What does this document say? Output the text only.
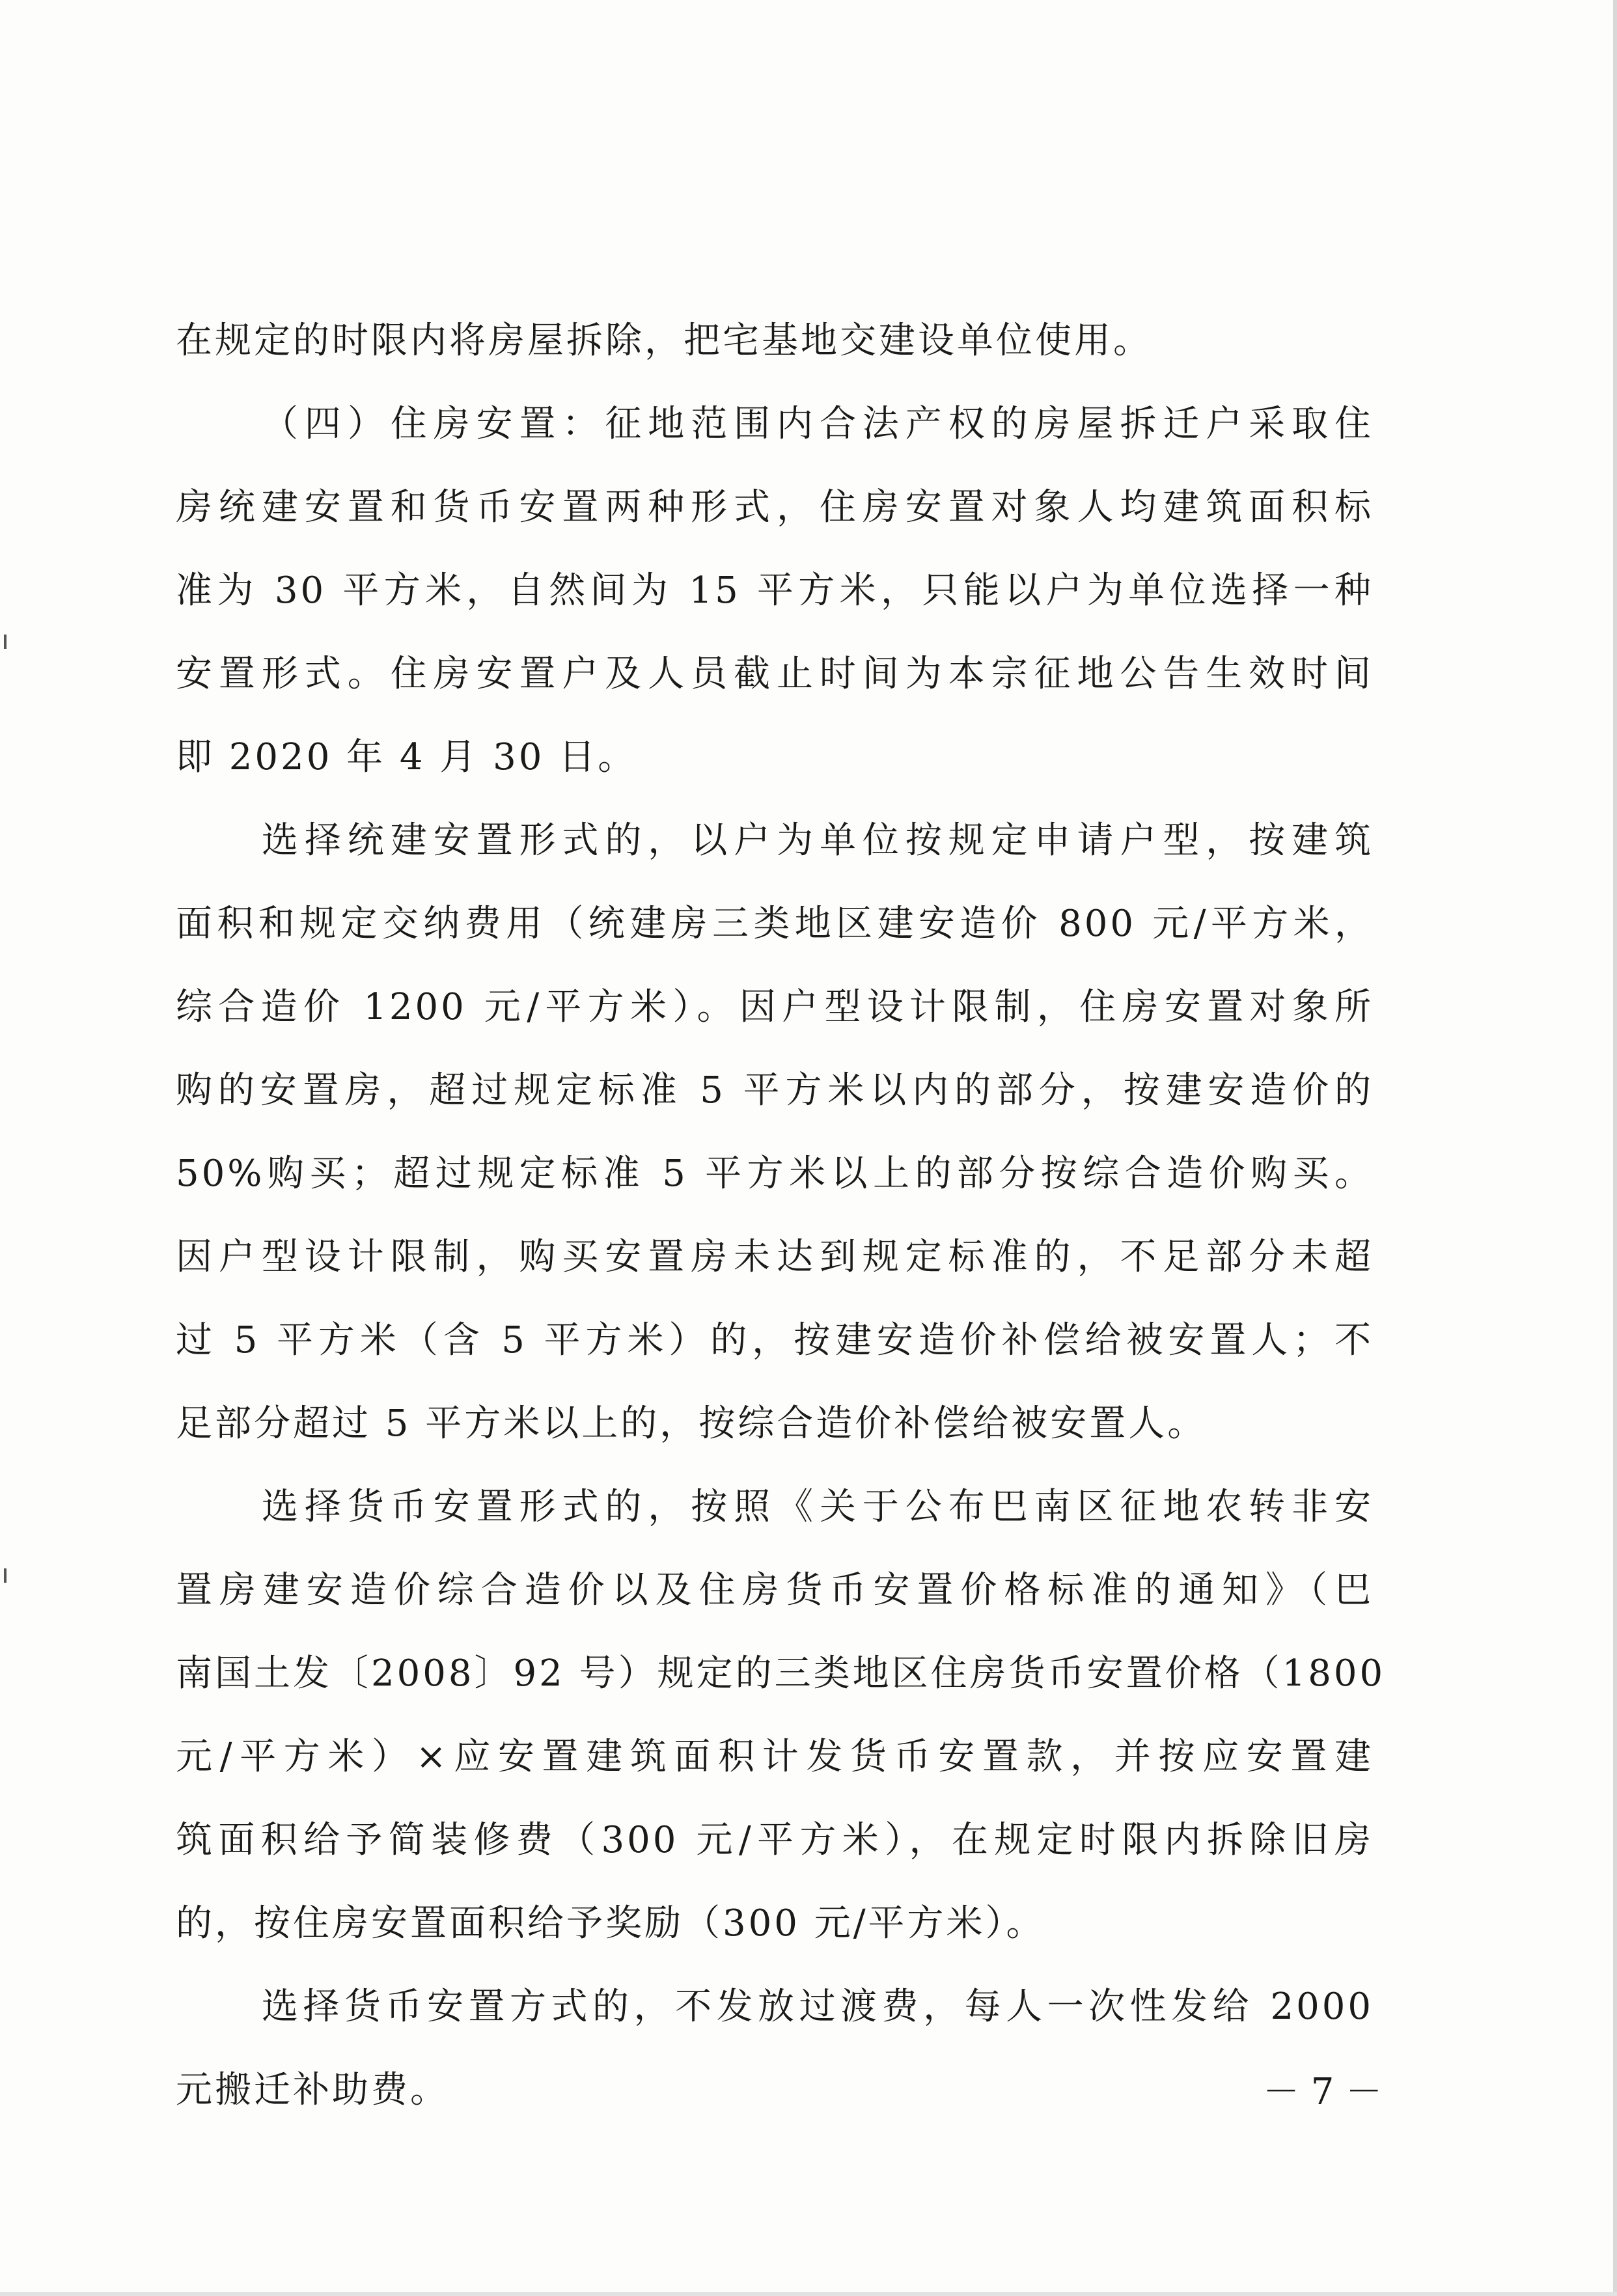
在规定的时限内将房屋拆除，把宅基地交建设单位使用。
（四）住房安置：征地范围内合法产权的房屋拆迁户采取住
房统建安置和货币安置两种形式，住房安置对象人均建筑面积标
准为 30 平方米，自然间为 15 平方米，只能以户为单位选择一种
安置形式。住房安置户及人员截止时间为本宗征地公告生效时间
即 2020 年 4 月 30 日。
选择统建安置形式的，以户为单位按规定申请户型，按建筑
面积和规定交纳费用（统建房三类地区建安造价 800 元/平方米，
综合造价 1200 元/平方米）。因户型设计限制，住房安置对象所
购的安置房，超过规定标准 5 平方米以内的部分，按建安造价的
50%购买；超过规定标准 5 平方米以上的部分按综合造价购买。
因户型设计限制，购买安置房未达到规定标准的，不足部分未超
过 5 平方米（含 5 平方米）的，按建安造价补偿给被安置人；不
足部分超过 5 平方米以上的，按综合造价补偿给被安置人。
选择货币安置形式的，按照《关于公布巴南区征地农转非安
置房建安造价综合造价以及住房货币安置价格标准的通知》（巴
南国土发〔2008〕92 号）规定的三类地区住房货币安置价格（1800
元/平方米）×应安置建筑面积计发货币安置款，并按应安置建
筑面积给予简装修费（300 元/平方米），在规定时限内拆除旧房
的，按住房安置面积给予奖励（300 元/平方米）。
选择货币安置方式的，不发放过渡费，每人一次性发给 2000
元搬迁补助费。	－ 7 －
